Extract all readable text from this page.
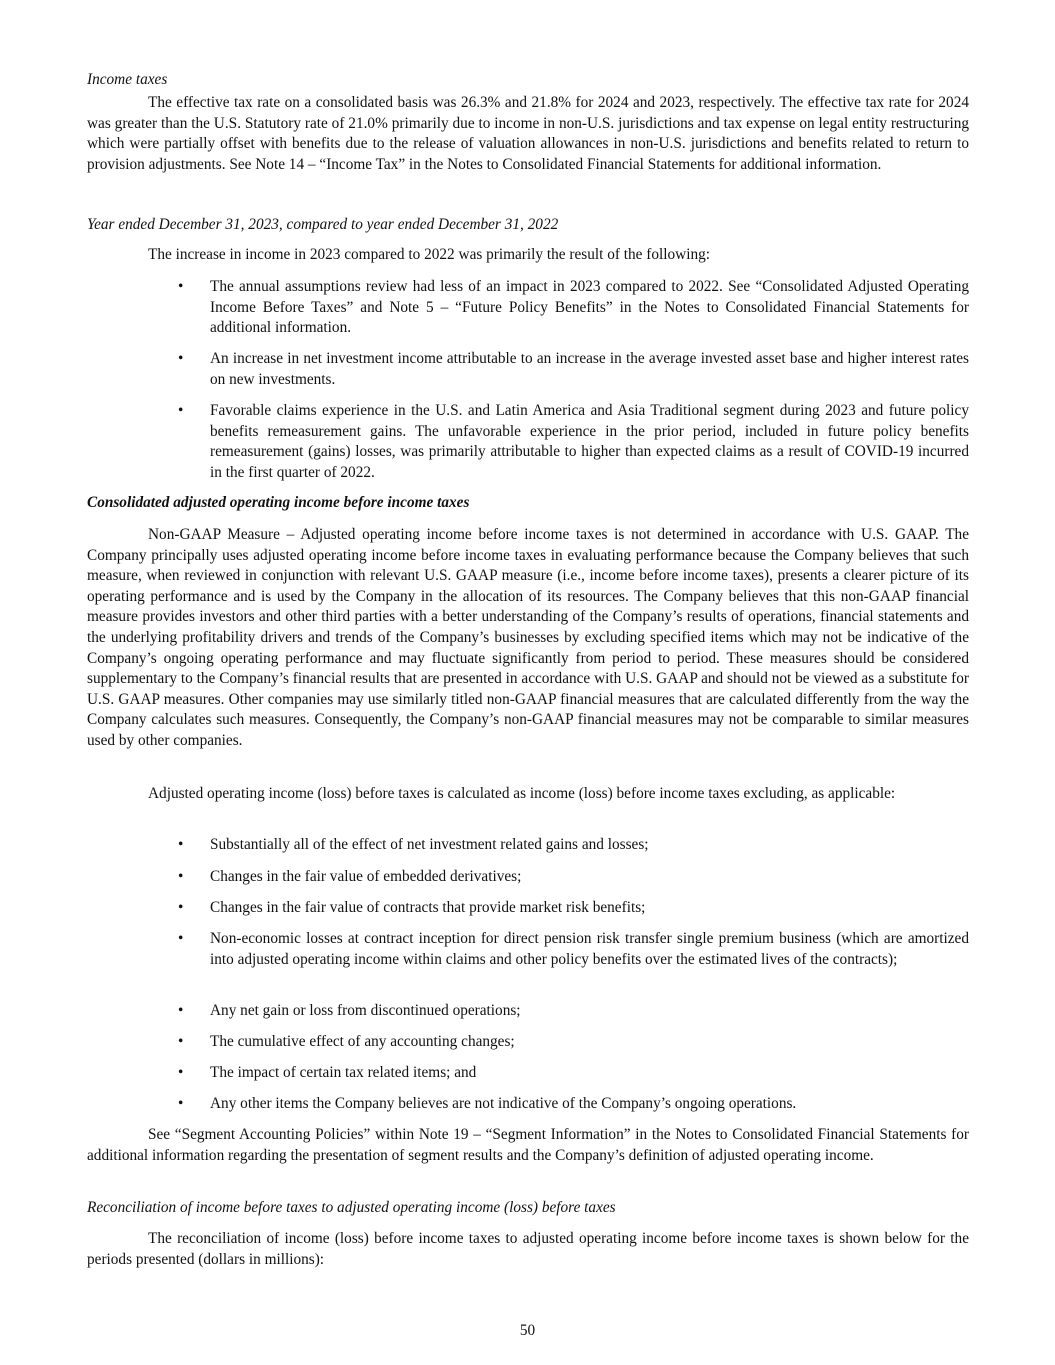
Income taxes

The effective tax rate on a consolidated basis was 26.3% and 21.8% for 2024 and 2023, respectively. The effective tax rate for 2024 was greater than the U.S. Statutory rate of 21.0% primarily due to income in non-U.S. jurisdictions and tax expense on legal entity restructuring which were partially offset with benefits due to the release of valuation allowances in non-U.S. jurisdictions and benefits related to return to provision adjustments. See Note 14 – “Income Tax” in the Notes to Consolidated Financial Statements for additional information.

Year ended December 31, 2023, compared to year ended December 31, 2022

The increase in income in 2023 compared to 2022 was primarily the result of the following:

• The annual assumptions review had less of an impact in 2023 compared to 2022. See “Consolidated Adjusted Operating Income Before Taxes” and Note 5 – “Future Policy Benefits” in the Notes to Consolidated Financial Statements for additional information.
• An increase in net investment income attributable to an increase in the average invested asset base and higher interest rates on new investments.
• Favorable claims experience in the U.S. and Latin America and Asia Traditional segment during 2023 and future policy benefits remeasurement gains. The unfavorable experience in the prior period, included in future policy benefits remeasurement (gains) losses, was primarily attributable to higher than expected claims as a result of COVID-19 incurred in the first quarter of 2022.
Consolidated adjusted operating income before income taxes

Non-GAAP Measure – Adjusted operating income before income taxes is not determined in accordance with U.S. GAAP. The Company principally uses adjusted operating income before income taxes in evaluating performance because the Company believes that such measure, when reviewed in conjunction with relevant U.S. GAAP measure (i.e., income before income taxes), presents a clearer picture of its operating performance and is used by the Company in the allocation of its resources. The Company believes that this non-GAAP financial measure provides investors and other third parties with a better understanding of the Company’s results of operations, financial statements and the underlying profitability drivers and trends of the Company’s businesses by excluding specified items which may not be indicative of the Company’s ongoing operating performance and may fluctuate significantly from period to period. These measures should be considered supplementary to the Company’s financial results that are presented in accordance with U.S. GAAP and should not be viewed as a substitute for U.S. GAAP measures. Other companies may use similarly titled non-GAAP financial measures that are calculated differently from the way the Company calculates such measures. Consequently, the Company’s non-GAAP financial measures may not be comparable to similar measures used by other companies.

Adjusted operating income (loss) before taxes is calculated as income (loss) before income taxes excluding, as applicable:

• Substantially all of the effect of net investment related gains and losses;
• Changes in the fair value of embedded derivatives;
• Changes in the fair value of contracts that provide market risk benefits;
• Non-economic losses at contract inception for direct pension risk transfer single premium business (which are amortized into adjusted operating income within claims and other policy benefits over the estimated lives of the contracts);
• Any net gain or loss from discontinued operations;
• The cumulative effect of any accounting changes;
• The impact of certain tax related items; and
• Any other items the Company believes are not indicative of the Company’s ongoing operations.

See “Segment Accounting Policies” within Note 19 – “Segment Information” in the Notes to Consolidated Financial Statements for additional information regarding the presentation of segment results and the Company’s definition of adjusted operating income.

Reconciliation of income before taxes to adjusted operating income (loss) before taxes

The reconciliation of income (loss) before income taxes to adjusted operating income before income taxes is shown below for the periods presented (dollars in millions):

50
